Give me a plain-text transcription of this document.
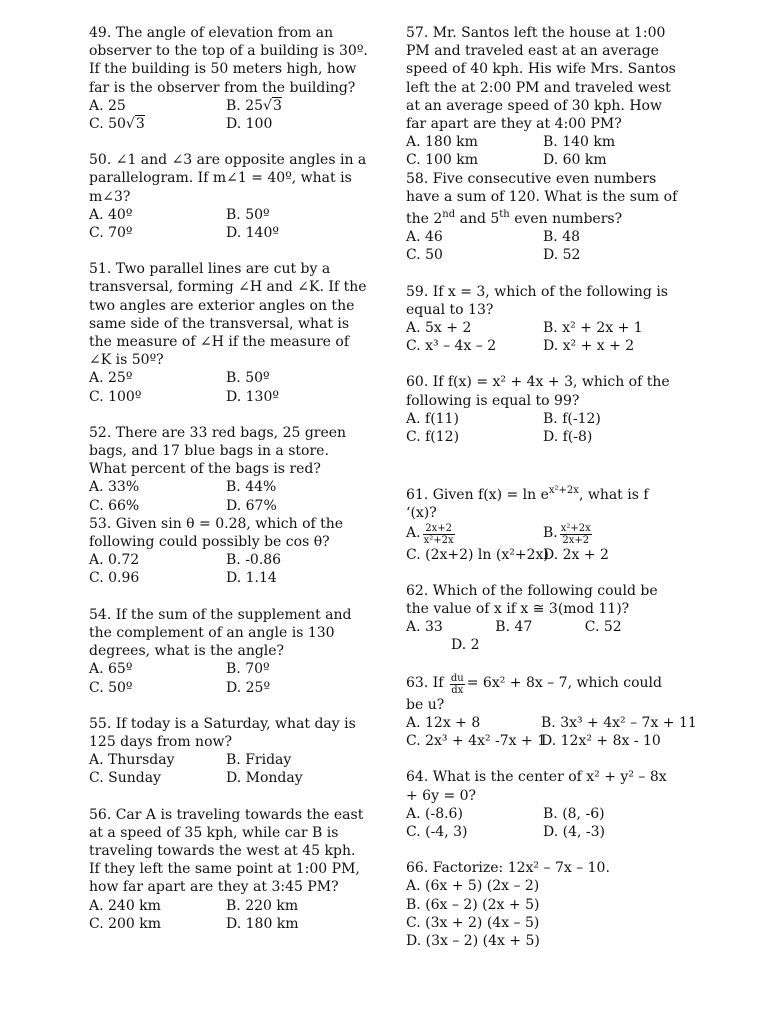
49. The angle of elevation from an observer to the top of a building is 30º. If the building is 50 meters high, how far is the observer from the building?

A. 25	B. 25√3
C. 50√3	D. 100

50. ∠1 and ∠3 are opposite angles in a parallelogram. If m∠1 = 40º, what is m∠3?

A. 40º	B. 50º
C. 70º	D. 140º

51. Two parallel lines are cut by a transversal, forming ∠H and ∠K. If the two angles are exterior angles on the same side of the transversal, what is the measure of ∠H if the measure of ∠K is 50º?

A. 25º	B. 50º
C. 100º	D. 130º

52. There are 33 red bags, 25 green bags, and 17 blue bags in a store. What percent of the bags is red?

A. 33%	B. 44%
C. 66%	D. 67%

53. Given sin θ = 0.28, which of the following could possibly be cos θ?

A. 0.72	B. -0.86
C. 0.96	D. 1.14

54. If the sum of the supplement and the complement of an angle is 130 degrees, what is the angle?

A. 65º	B. 70º
C. 50º	D. 25º

55. If today is a Saturday, what day is 125 days from now?

A. Thursday	B. Friday
C. Sunday	D. Monday

56. Car A is traveling towards the east at a speed of 35 kph, while car B is traveling towards the west at 45 kph. If they left the same point at 1:00 PM, how far apart are they at 3:45 PM?

A. 240 km	B. 220 km
C. 200 km	D. 180 km

57. Mr. Santos left the house at 1:00 PM and traveled east at an average speed of 40 kph. His wife Mrs. Santos left the at 2:00 PM and traveled west at an average speed of 30 kph. How far apart are they at 4:00 PM?

A. 180 km	B. 140 km
C. 100 km	D. 60 km

58. Five consecutive even numbers have a sum of 120. What is the sum of the 2nd and 5th even numbers?

A. 46	B. 48
C. 50	D. 52

59. If x = 3, which of the following is equal to 13?

A. 5x + 2	B. x² + 2x + 1
C. x³ – 4x – 2	D. x² + x + 2

60. If f(x) = x² + 4x + 3, which of the following is equal to 99?

A. f(11)	B. f(-12)
C. f(12)	D. f(-8)

61. Given $f(x) = \ln e^{x^2+2x}$, what is f ‘(x)?

A. $\frac{2x+2}{\text{x²+2x}}$	B. $\frac{\text{x²+2x}}{2x+2}$
C. (2x+2) ln (x²+2x)
D. 2x + 2

62. Which of the following could be the value of x if x ≅ 3(mod 11)?

A. 33	B. 47	C. 52
D. 2

63. If $\frac{du}{dx} = 6x^2 + 8x - 7$, which could be u?

A. 12x + 8	B. 3x³ + 4x² – 7x + 11
C. 2x³ + 4x² -7x + 1
D. 12x² + 8x - 10

64. What is the center of x² + y² – 8x + 6y = 0?

A. (-8.6)	B. (8, -6)
C. (-4, 3)	D. (4, -3)

66. Factorize: 12x² – 7x – 10.

A. (6x + 5) (2x – 2)
B. (6x – 2) (2x + 5)
C. (3x + 2) (4x – 5)
D. (3x – 2) (4x + 5)
